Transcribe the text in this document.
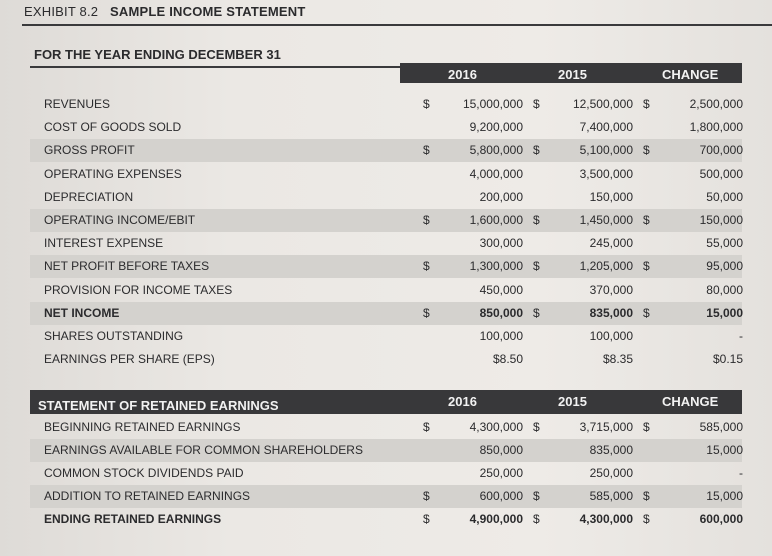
EXHIBIT 8.2 SAMPLE INCOME STATEMENT
FOR THE YEAR ENDING DECEMBER 31
2016	2015	CHANGE
REVENUES	$	15,000,000 $	12,500,000 $	2,500,000
COST OF GOODS SOLD	9,200,000	7,400,000	1,800,000
GROSS PROFIT	$	5,800,000 $	5,100,000 $	700,000
OPERATING EXPENSES	4,000,000	3,500,000	500,000
DEPRECIATION	200,000	150,000	50,000
OPERATING INCOME/EBIT	$	1,600,000 $	1,450,000 $	150,000
INTEREST EXPENSE	300,000	245,000	55,000
NET PROFIT BEFORE TAXES	$	1,300,000 $	1,205,000 $	95,000
PROVISION FOR INCOME TAXES	450,000	370,000	80,000
NET INCOME	$	850,000 $	835,000 $	15,000
SHARES OUTSTANDING	100,000	100,000	-
EARNINGS PER SHARE (EPS)	$8.50	$8.35	$0.15
STATEMENT OF RETAINED EARNINGS	2016	2015	CHANGE
BEGINNING RETAINED EARNINGS	$	4,300,000 $	3,715,000 $	585,000
EARNINGS AVAILABLE FOR COMMON SHAREHOLDERS	850,000	835,000	15,000
COMMON STOCK DIVIDENDS PAID	250,000	250,000	-
ADDITION TO RETAINED EARNINGS	$	600,000 $	585,000 $	15,000
ENDING RETAINED EARNINGS	$	4,900,000 $	4,300,000 $	600,000
